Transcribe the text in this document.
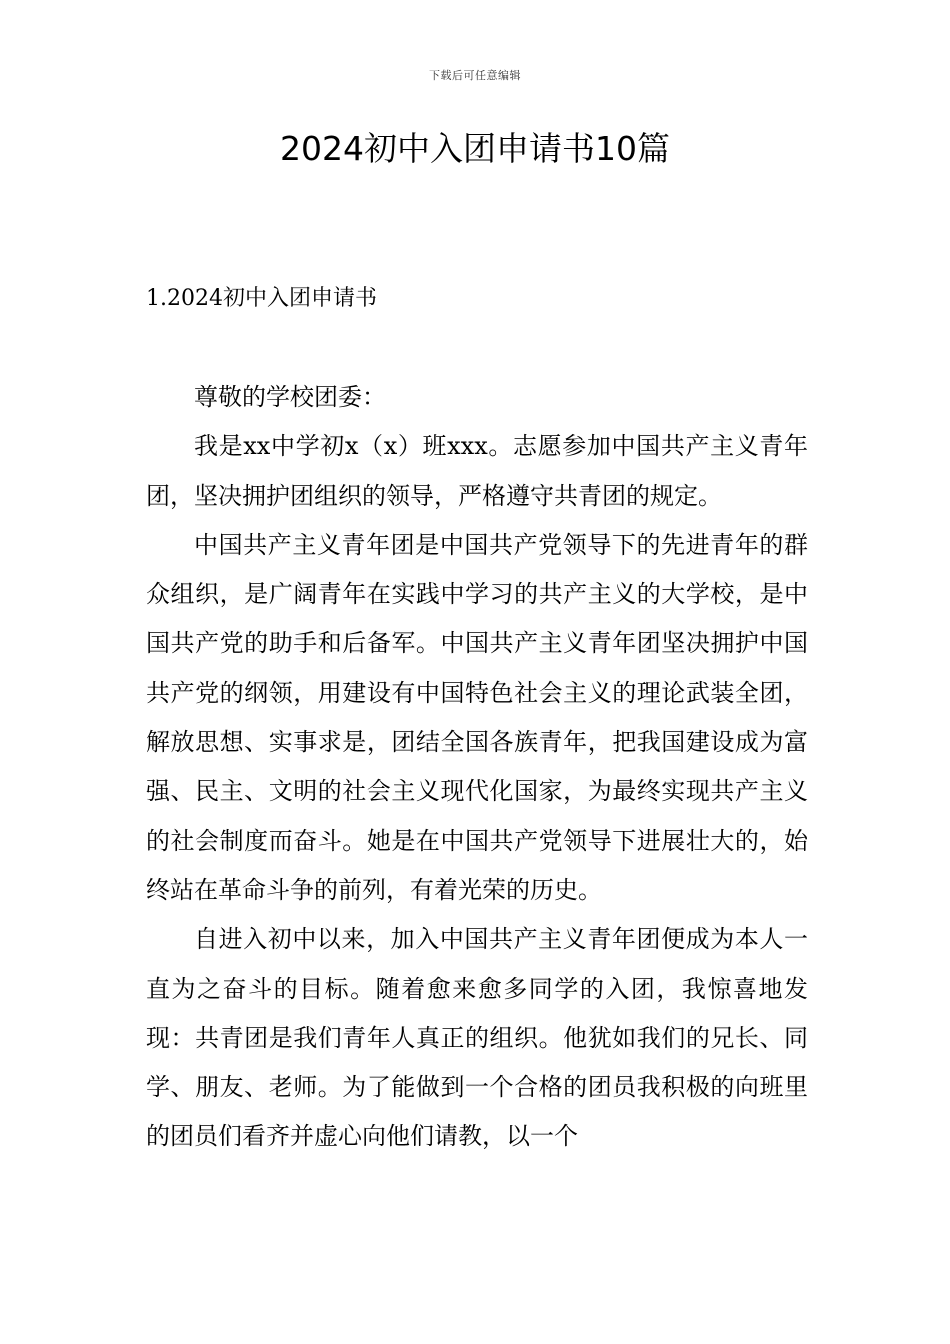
下载后可任意编辑
2024初中入团申请书10篇
1.2024初中入团申请书

尊敬的学校团委：

我是xx中学初x（x）班xxx。志愿参加中国共产主义青年团，坚决拥护团组织的领导，严格遵守共青团的规定。

中国共产主义青年团是中国共产党领导下的先进青年的群众组织，是广阔青年在实践中学习的共产主义的大学校，是中国共产党的助手和后备军。中国共产主义青年团坚决拥护中国共产党的纲领，用建设有中国特色社会主义的理论武装全团，解放思想、实事求是，团结全国各族青年，把我国建设成为富强、民主、文明的社会主义现代化国家，为最终实现共产主义的社会制度而奋斗。她是在中国共产党领导下进展壮大的，始终站在革命斗争的前列，有着光荣的历史。

自进入初中以来，加入中国共产主义青年团便成为本人一直为之奋斗的目标。随着愈来愈多同学的入团，我惊喜地发现：共青团是我们青年人真正的组织。他犹如我们的兄长、同学、朋友、老师。为了能做到一个合格的团员我积极的向班里的团员们看齐并虚心向他们请教，以一个
